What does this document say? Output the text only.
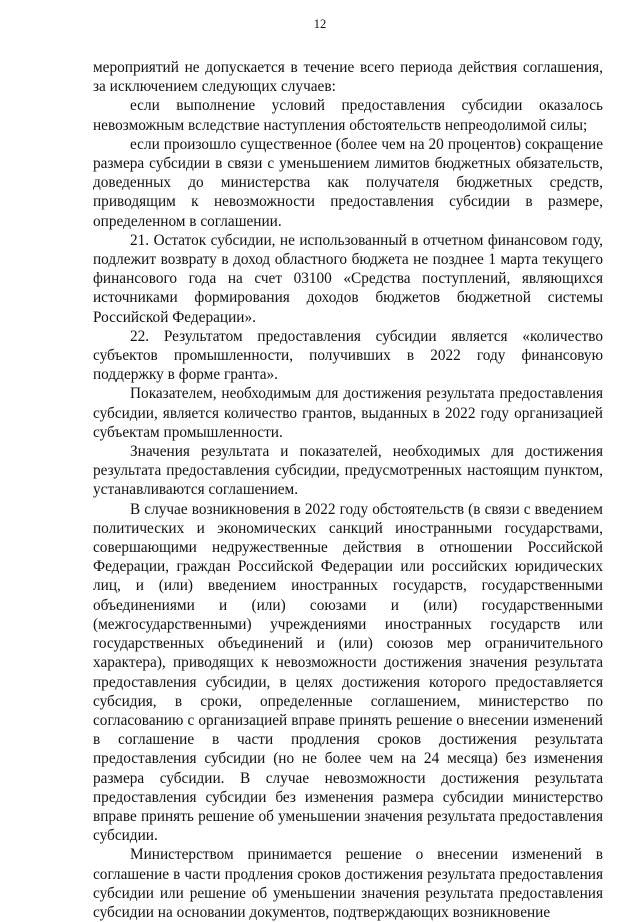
12

мероприятий не допускается в течение всего периода действия соглашения, за исключением следующих случаев:

если выполнение условий предоставления субсидии оказалось невозможным вследствие наступления обстоятельств непреодолимой силы;

если произошло существенное (более чем на 20 процентов) сокращение размера субсидии в связи с уменьшением лимитов бюджетных обязательств, доведенных до министерства как получателя бюджетных средств, приводящим к невозможности предоставления субсидии в размере, определенном в соглашении.

21. Остаток субсидии, не использованный в отчетном финансовом году, подлежит возврату в доход областного бюджета не позднее 1 марта текущего финансового года на счет 03100 «Средства поступлений, являющихся источниками формирования доходов бюджетов бюджетной системы Российской Федерации».

22. Результатом предоставления субсидии является «количество субъектов промышленности, получивших в 2022 году финансовую поддержку в форме гранта».

Показателем, необходимым для достижения результата предоставления субсидии, является количество грантов, выданных в 2022 году организацией субъектам промышленности.

Значения результата и показателей, необходимых для достижения результата предоставления субсидии, предусмотренных настоящим пунктом, устанавливаются соглашением.

В случае возникновения в 2022 году обстоятельств (в связи с введением политических и экономических санкций иностранными государствами, совершающими недружественные действия в отношении Российской Федерации, граждан Российской Федерации или российских юридических лиц, и (или) введением иностранных государств, государственными объединениями и (или) союзами и (или) государственными (межгосударственными) учреждениями иностранных государств или государственных объединений и (или) союзов мер ограничительного характера), приводящих к невозможности достижения значения результата предоставления субсидии, в целях достижения которого предоставляется субсидия, в сроки, определенные соглашением, министерство по согласованию с организацией вправе принять решение о внесении изменений в соглашение в части продления сроков достижения результата предоставления субсидии (но не более чем на 24 месяца) без изменения размера субсидии. В случае невозможности достижения результата предоставления субсидии без изменения размера субсидии министерство вправе принять решение об уменьшении значения результата предоставления субсидии.

Министерством принимается решение о внесении изменений в соглашение в части продления сроков достижения результата предоставления субсидии или решение об уменьшении значения результата предоставления субсидии на основании документов, подтверждающих возникновение
